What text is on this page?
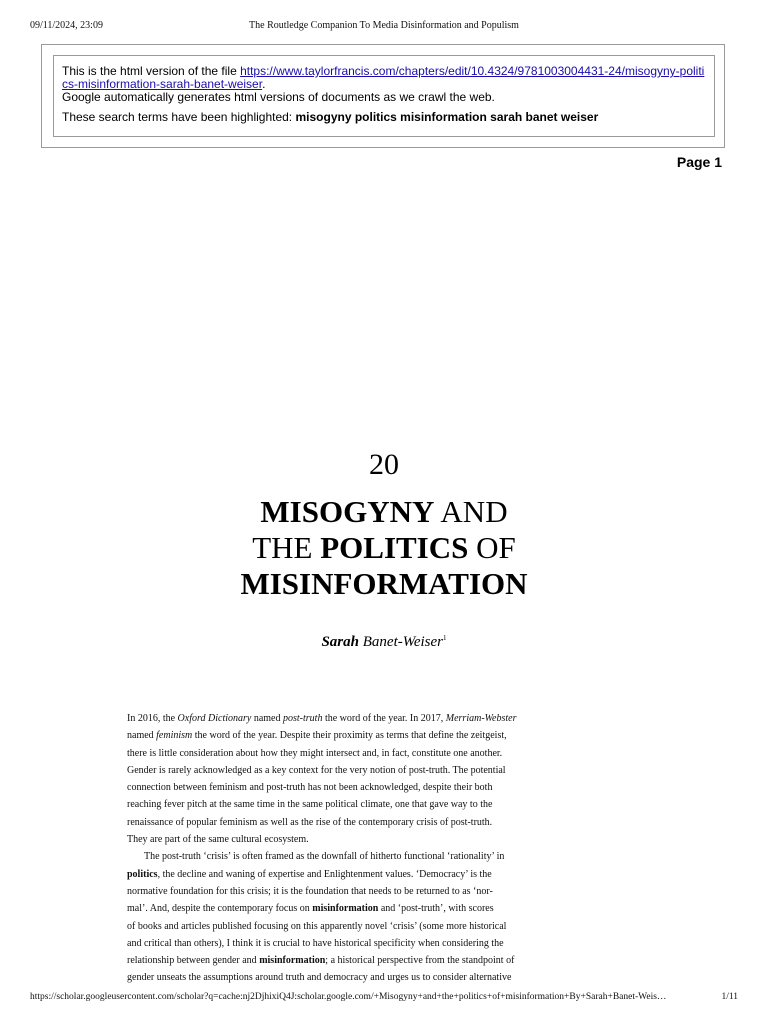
09/11/2024, 23:09	The Routledge Companion To Media Disinformation and Populism

This is the html version of the file https://www.taylorfrancis.com/chapters/edit/10.4324/9781003004431-24/misogyny-politics-misinformation-sarah-banet-weiser.

Google automatically generates html versions of documents as we crawl the web.

These search terms have been highlighted: misogyny politics misinformation sarah banet weiser

Page 1
20
MISOGYNY AND
THE POLITICS OF
MISINFORMATION
Sarah Banet-Weiser$^1$
In 2016, the Oxford Dictionary named post-truth the word of the year. In 2017, Merriam-Webster
named feminism the word of the year. Despite their proximity as terms that define the zeitgeist,
there is little consideration about how they might intersect and, in fact, constitute one another.
Gender is rarely acknowledged as a key context for the very notion of post-truth. The potential
connection between feminism and post-truth has not been acknowledged, despite their both
reaching fever pitch at the same time in the same political climate, one that gave way to the
renaissance of popular feminism as well as the rise of the contemporary crisis of post-truth.
They are part of the same cultural ecosystem.
The post-truth ‘crisis’ is often framed as the downfall of hitherto functional ‘rationality’ in
politics, the decline and waning of expertise and Enlightenment values. ‘Democracy’ is the
normative foundation for this crisis; it is the foundation that needs to be returned to as ‘nor-
mal’. And, despite the contemporary focus on misinformation and ‘post-truth’, with scores
of books and articles published focusing on this apparently novel ‘crisis’ (some more historical
and critical than others), I think it is crucial to have historical specificity when considering the
relationship between gender and misinformation; a historical perspective from the standpoint of
gender unseats the assumptions around truth and democracy and urges us to consider alternative
https://scholar.googleusercontent.com/scholar?q=cache:nj2DjhixiQ4J:scholar.google.com/+Misogyny+and+the+politics+of+misinformation+By+Sarah+Banet-Weis…	1/11
